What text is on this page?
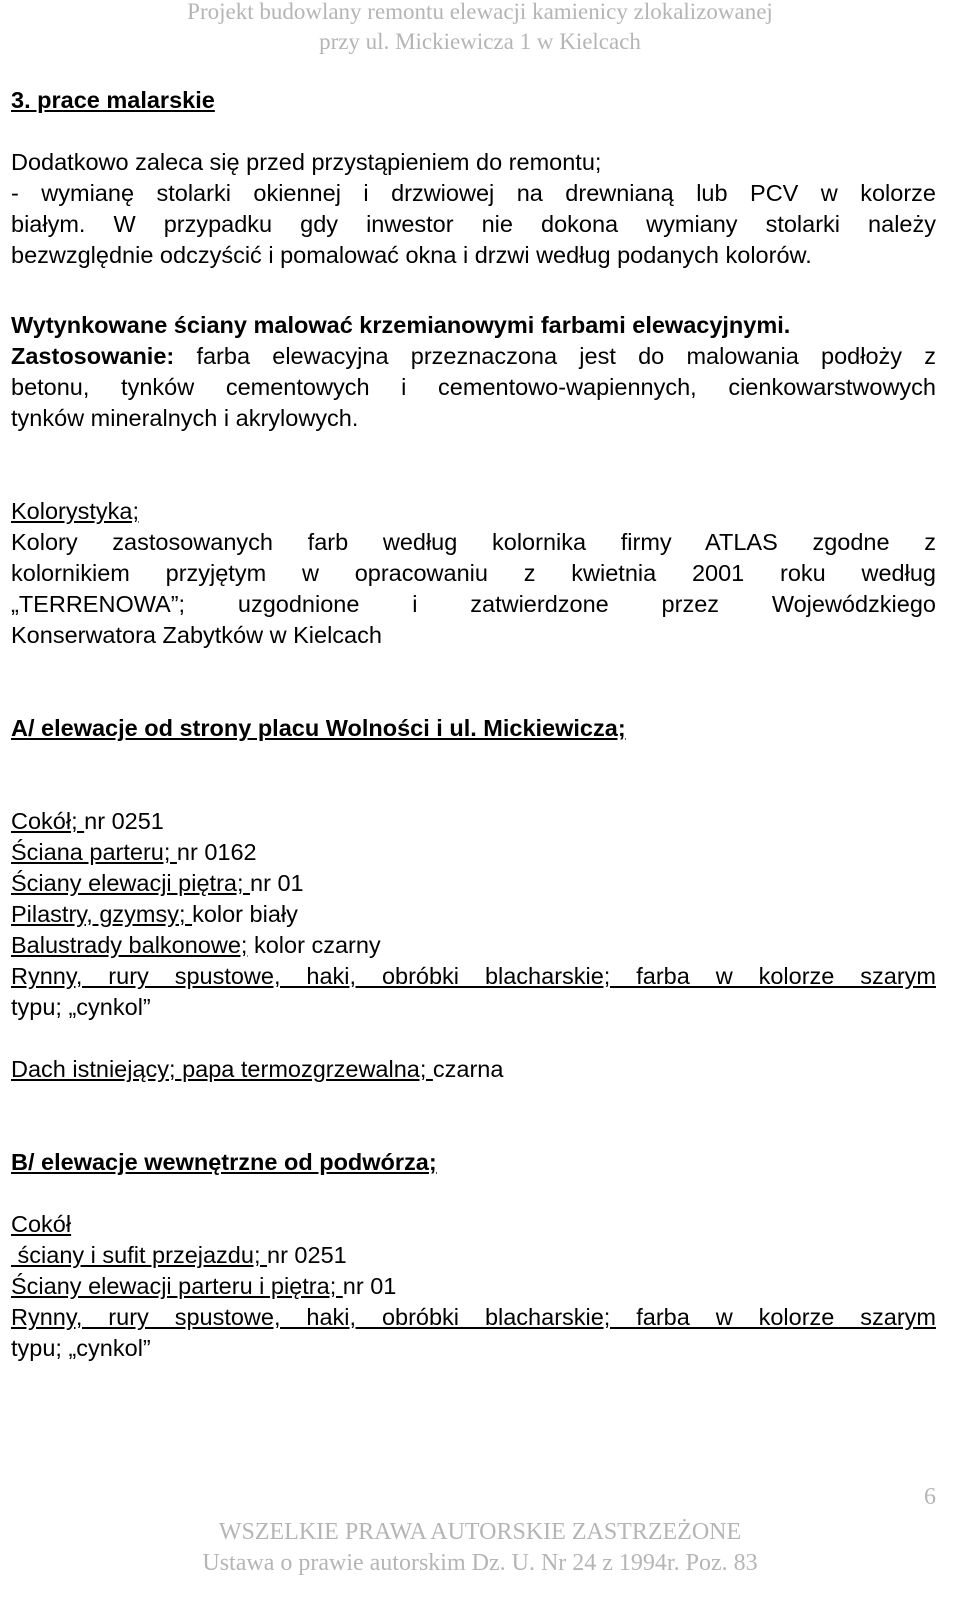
Projekt budowlany remontu elewacji kamienicy zlokalizowanej
przy ul. Mickiewicza 1 w Kielcach

3. prace malarskie

Dodatkowo zaleca się przed przystąpieniem do remontu;

- wymianę stolarki okiennej i drzwiowej na drewnianą lub PCV w kolorze

białym. W przypadku gdy inwestor nie dokona wymiany stolarki należy

bezwzględnie odczyścić i pomalować okna i drzwi według podanych kolorów.

Wytynkowane ściany malować krzemianowymi farbami elewacyjnymi.

Zastosowanie: farba elewacyjna przeznaczona jest do malowania podłoży z

betonu, tynków cementowych i cementowo-wapiennych, cienkowarstwowych

tynków mineralnych i akrylowych.

Kolorystyka;

Kolory zastosowanych farb według kolornika firmy ATLAS zgodne z

kolornikiem przyjętym w opracowaniu z kwietnia 2001 roku według

„TERRENOWA”; uzgodnione i zatwierdzone przez Wojewódzkiego

Konserwatora Zabytków w Kielcach

A/ elewacje od strony placu Wolności i ul. Mickiewicza;

Cokół; nr 0251

Ściana parteru; nr 0162

Ściany elewacji piętra; nr 01

Pilastry, gzymsy; kolor biały

Balustrady balkonowe; kolor czarny

Rynny, rury spustowe, haki, obróbki blacharskie; farba w kolorze szarym

typu; „cynkol”

Dach istniejący; papa termozgrzewalna; czarna

B/ elewacje wewnętrzne od podwórza;

Cokół

ściany i sufit przejazdu; nr 0251

Ściany elewacji parteru i piętra; nr 01

Rynny, rury spustowe, haki, obróbki blacharskie; farba w kolorze szarym

typu; „cynkol”

6
WSZELKIE PRAWA AUTORSKIE ZASTRZEŻONE
Ustawa o prawie autorskim Dz. U. Nr 24 z 1994r. Poz. 83
